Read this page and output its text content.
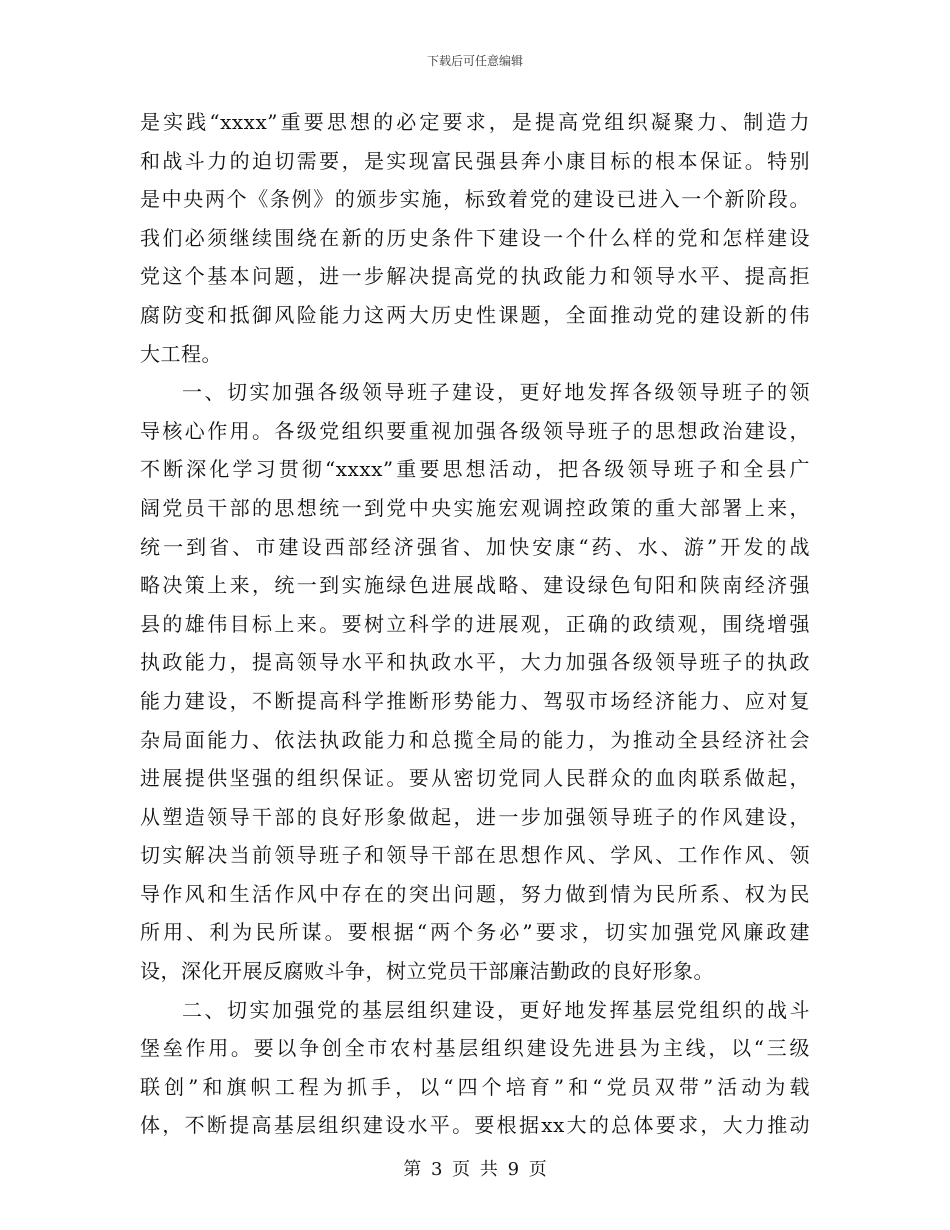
下载后可任意编辑
是实践“xxxx”重要思想的必定要求，是提高党组织凝聚力、制造力
和战斗力的迫切需要，是实现富民强县奔小康目标的根本保证。特别
是中央两个《条例》的颁步实施，标致着党的建设已进入一个新阶段。
我们必须继续围绕在新的历史条件下建设一个什么样的党和怎样建设
党这个基本问题，进一步解决提高党的执政能力和领导水平、提高拒
腐防变和抵御风险能力这两大历史性课题，全面推动党的建设新的伟
大工程。
一、切实加强各级领导班子建设，更好地发挥各级领导班子的领
导核心作用。各级党组织要重视加强各级领导班子的思想政治建设，
不断深化学习贯彻“xxxx”重要思想活动，把各级领导班子和全县广
阔党员干部的思想统一到党中央实施宏观调控政策的重大部署上来，
统一到省、市建设西部经济强省、加快安康“药、水、游”开发的战
略决策上来，统一到实施绿色进展战略、建设绿色旬阳和陕南经济强
县的雄伟目标上来。要树立科学的进展观，正确的政绩观，围绕增强
执政能力，提高领导水平和执政水平，大力加强各级领导班子的执政
能力建设，不断提高科学推断形势能力、驾驭市场经济能力、应对复
杂局面能力、依法执政能力和总揽全局的能力，为推动全县经济社会
进展提供坚强的组织保证。要从密切党同人民群众的血肉联系做起，
从塑造领导干部的良好形象做起，进一步加强领导班子的作风建设，
切实解决当前领导班子和领导干部在思想作风、学风、工作作风、领
导作风和生活作风中存在的突出问题，努力做到情为民所系、权为民
所用、利为民所谋。要根据“两个务必”要求，切实加强党风廉政建
设，深化开展反腐败斗争，树立党员干部廉洁勤政的良好形象。
二、切实加强党的基层组织建设，更好地发挥基层党组织的战斗
堡垒作用。要以争创全市农村基层组织建设先进县为主线，以“三级
联创”和旗帜工程为抓手，以“四个培育”和“党员双带”活动为载
体，不断提高基层组织建设水平。要根据xx大的总体要求，大力推动
第 3 页 共 9 页
